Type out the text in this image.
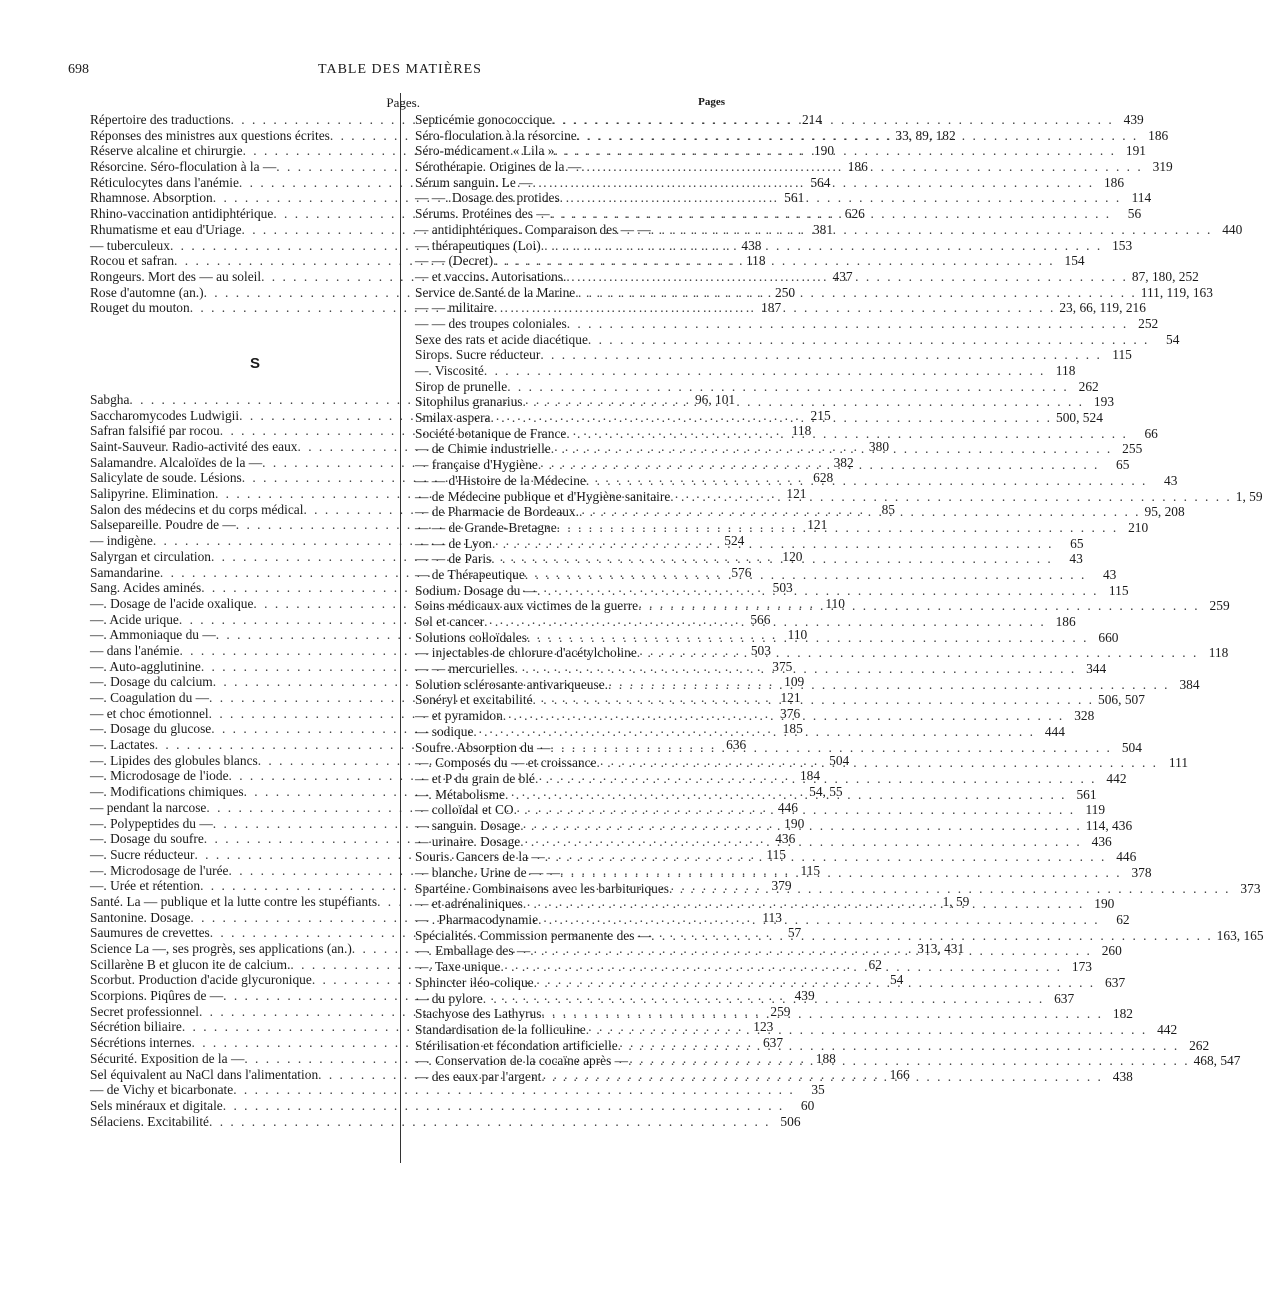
698	TABLE DES MATIÈRES
Pages.
Répertoire des traductions . . .	214
Réponses des ministres aux questions écrites . . .	33, 89, 182
Réserve alcaline et chirurgie . . .	190
Résorcine. Séro-floculation à la — . . .	186
Réticulocytes dans l'anémie . . .	564
Rhamnose. Absorption . . .	561
Rhino-vaccination antidiphtérique . . .	626
Rhumatisme et eau d'Uriage . . .	381
— tuberculeux . . .	438
Rocou et safran . . .	118
Rongeurs. Mort des — au soleil . . .	437
Rose d'automne (an.) . . .	250
Rouget du mouton . . .	187
S
Sabgha . . .	96, 101
Saccharomycodes Ludwigii . . .	215
Safran falsifié par rocou . . .	118
Saint-Sauveur. Radio-activité des eaux . . .	380
Salamandre. Alcaloïdes de la — . . .	382
Salicylate de soude. Lésions . . .	628
Salipyrine. Elimination . . .	121
Salon des médecins et du corps médical . . .	85
Salsepareille. Poudre de — . . .	121
— indigène . . .	524
Salyrgan et circulation . . .	120
Samandarine . . .	576
Sang. Acides aminés . . .	503
—. Dosage de l'acide oxalique . . .	110
—. Acide urique . . .	566
—. Ammoniaque du — . . .	110
— dans l'anémie . . .	503
—. Auto-agglutinine . . .	375
—. Dosage du calcium . . .	109
—. Coagulation du — . . .	121
— et choc émotionnel . . .	376
—. Dosage du glucose . . .	185
—. Lactates . . .	636
—. Lipides des globules blancs . . .	504
—. Microdosage de l'iode . . .	184
—. Modifications chimiques . . .	54, 55
— pendant la narcose . . .	446
—. Polypeptides du — . . .	190
—. Dosage du soufre . . .	436
—. Sucre réducteur . . .	115
—. Microdosage de l'urée . . .	115
—. Urée et rétention . . .	379
Santé. La — publique et la lutte contre les stupéfiants . . .	1, 59
Santonine. Dosage . . .	113
Saumures de crevettes . . .	57
Science La —, ses progrès, ses applications (an.) . . .	313, 431
Scillarène B et glucon ite de calcium. . . .	62
Scorbut. Production d'acide glycuronique . . .	54
Scorpions. Piqûres de — . . .	439
Secret professionnel . . .	259
Sécrétion biliaire . . .	123
Sécrétions internes . . .	637
Sécurité. Exposition de la — . . .	188
Sel équivalent au NaCl dans l'alimentation . . .	166
— de Vichy et bicarbonate . . .	35
Sels minéraux et digitale . . .	60
Sélaciens. Excitabilité . . .	506
Pages
Septicémie gonococcique . . .	439
Séro-floculation à la résorcine . . .	186
Séro-médicament « Lila » . . .	191
Sérothérapie. Origines de la — . . .	319
Sérum sanguin. Le — . . .	186
— —. Dosage des protides . . .	114
Sérums. Protéines des — . . .	56
— antidiphtériques. Comparaison des — — . . .	440
— thérapeutiques (Loi) . . .	153
— — (Decret) . . .	154
— et vaccins. Autorisations. . . .	87, 180, 252
Service de Santé de la Marine . . .	111, 119, 163
— — militaire . . .	23, 66, 119, 216
— — des troupes coloniales . . .	252
Sexe des rats et acide diacétique . . .	54
Sirops. Sucre réducteur . . .	115
—. Viscosité . . .	118
Sirop de prunelle . . .	262
Sitophilus granarius . . .	193
Smilax aspera . . .	500, 524
Société botanique de France . . .	66
— de Chimie industrielle . . .	255
— française d'Hygiène . . .	65
— — d'Histoire de la Médecine . . .	43
— de Médecine publique et d'Hygiène sanitaire . . .	1, 59
— de Pharmacie de Bordeaux. . . .	95, 208
— — de Grande-Bretagne . . .	210
— — de Lyon . . .	65
— — de Paris . . .	43
— de Thérapeutique . . .	43
Sodium. Dosage du — . . .	115
Soins médicaux aux victimes de la guerre . . .	259
Sol et cancer . . .	186
Solutions colloïdales . . .	660
— injectables de chlorure d'acétylcholine . . .	118
— — mercurielles . . .	344
Solution sclérosante antivariqueuse. . . .	384
Sonéryl et excitabilité . . .	506, 507
— et pyramidon . . .	328
— sodique . . .	444
Soufre. Absorption du — . . .	504
—. Composés du — et croissance . . .	111
— et P du grain de blé . . .	442
—. Métabolisme . . .	561
— colloïdal et CO . . .	119
— sanguin. Dosage . . .	114, 436
— urinaire. Dosage . . .	436
Souris. Cancers de la — . . .	446
— blanche. Urine de — — . . .	378
Spartéine. Combinaisons avec les barbituriques . . .	373
— et adrénaliniques . . .	190
— . Pharmacodynamie . . .	62
Spécialités. Commission permanente des — . . .	163, 165
—. Emballage des — . . .	260
—. Taxe unique . . .	173
Sphincter iléo-colique . . .	637
— du pylore . . .	637
Stachyose des Lathyrus . . .	182
Standardisation de la folliculine . . .	442
Stérilisation et fécondation artificielle . . .	262
—. Conservation de la cocaïne après — . . .	468, 547
— des eaux par l'argent . . .	438
